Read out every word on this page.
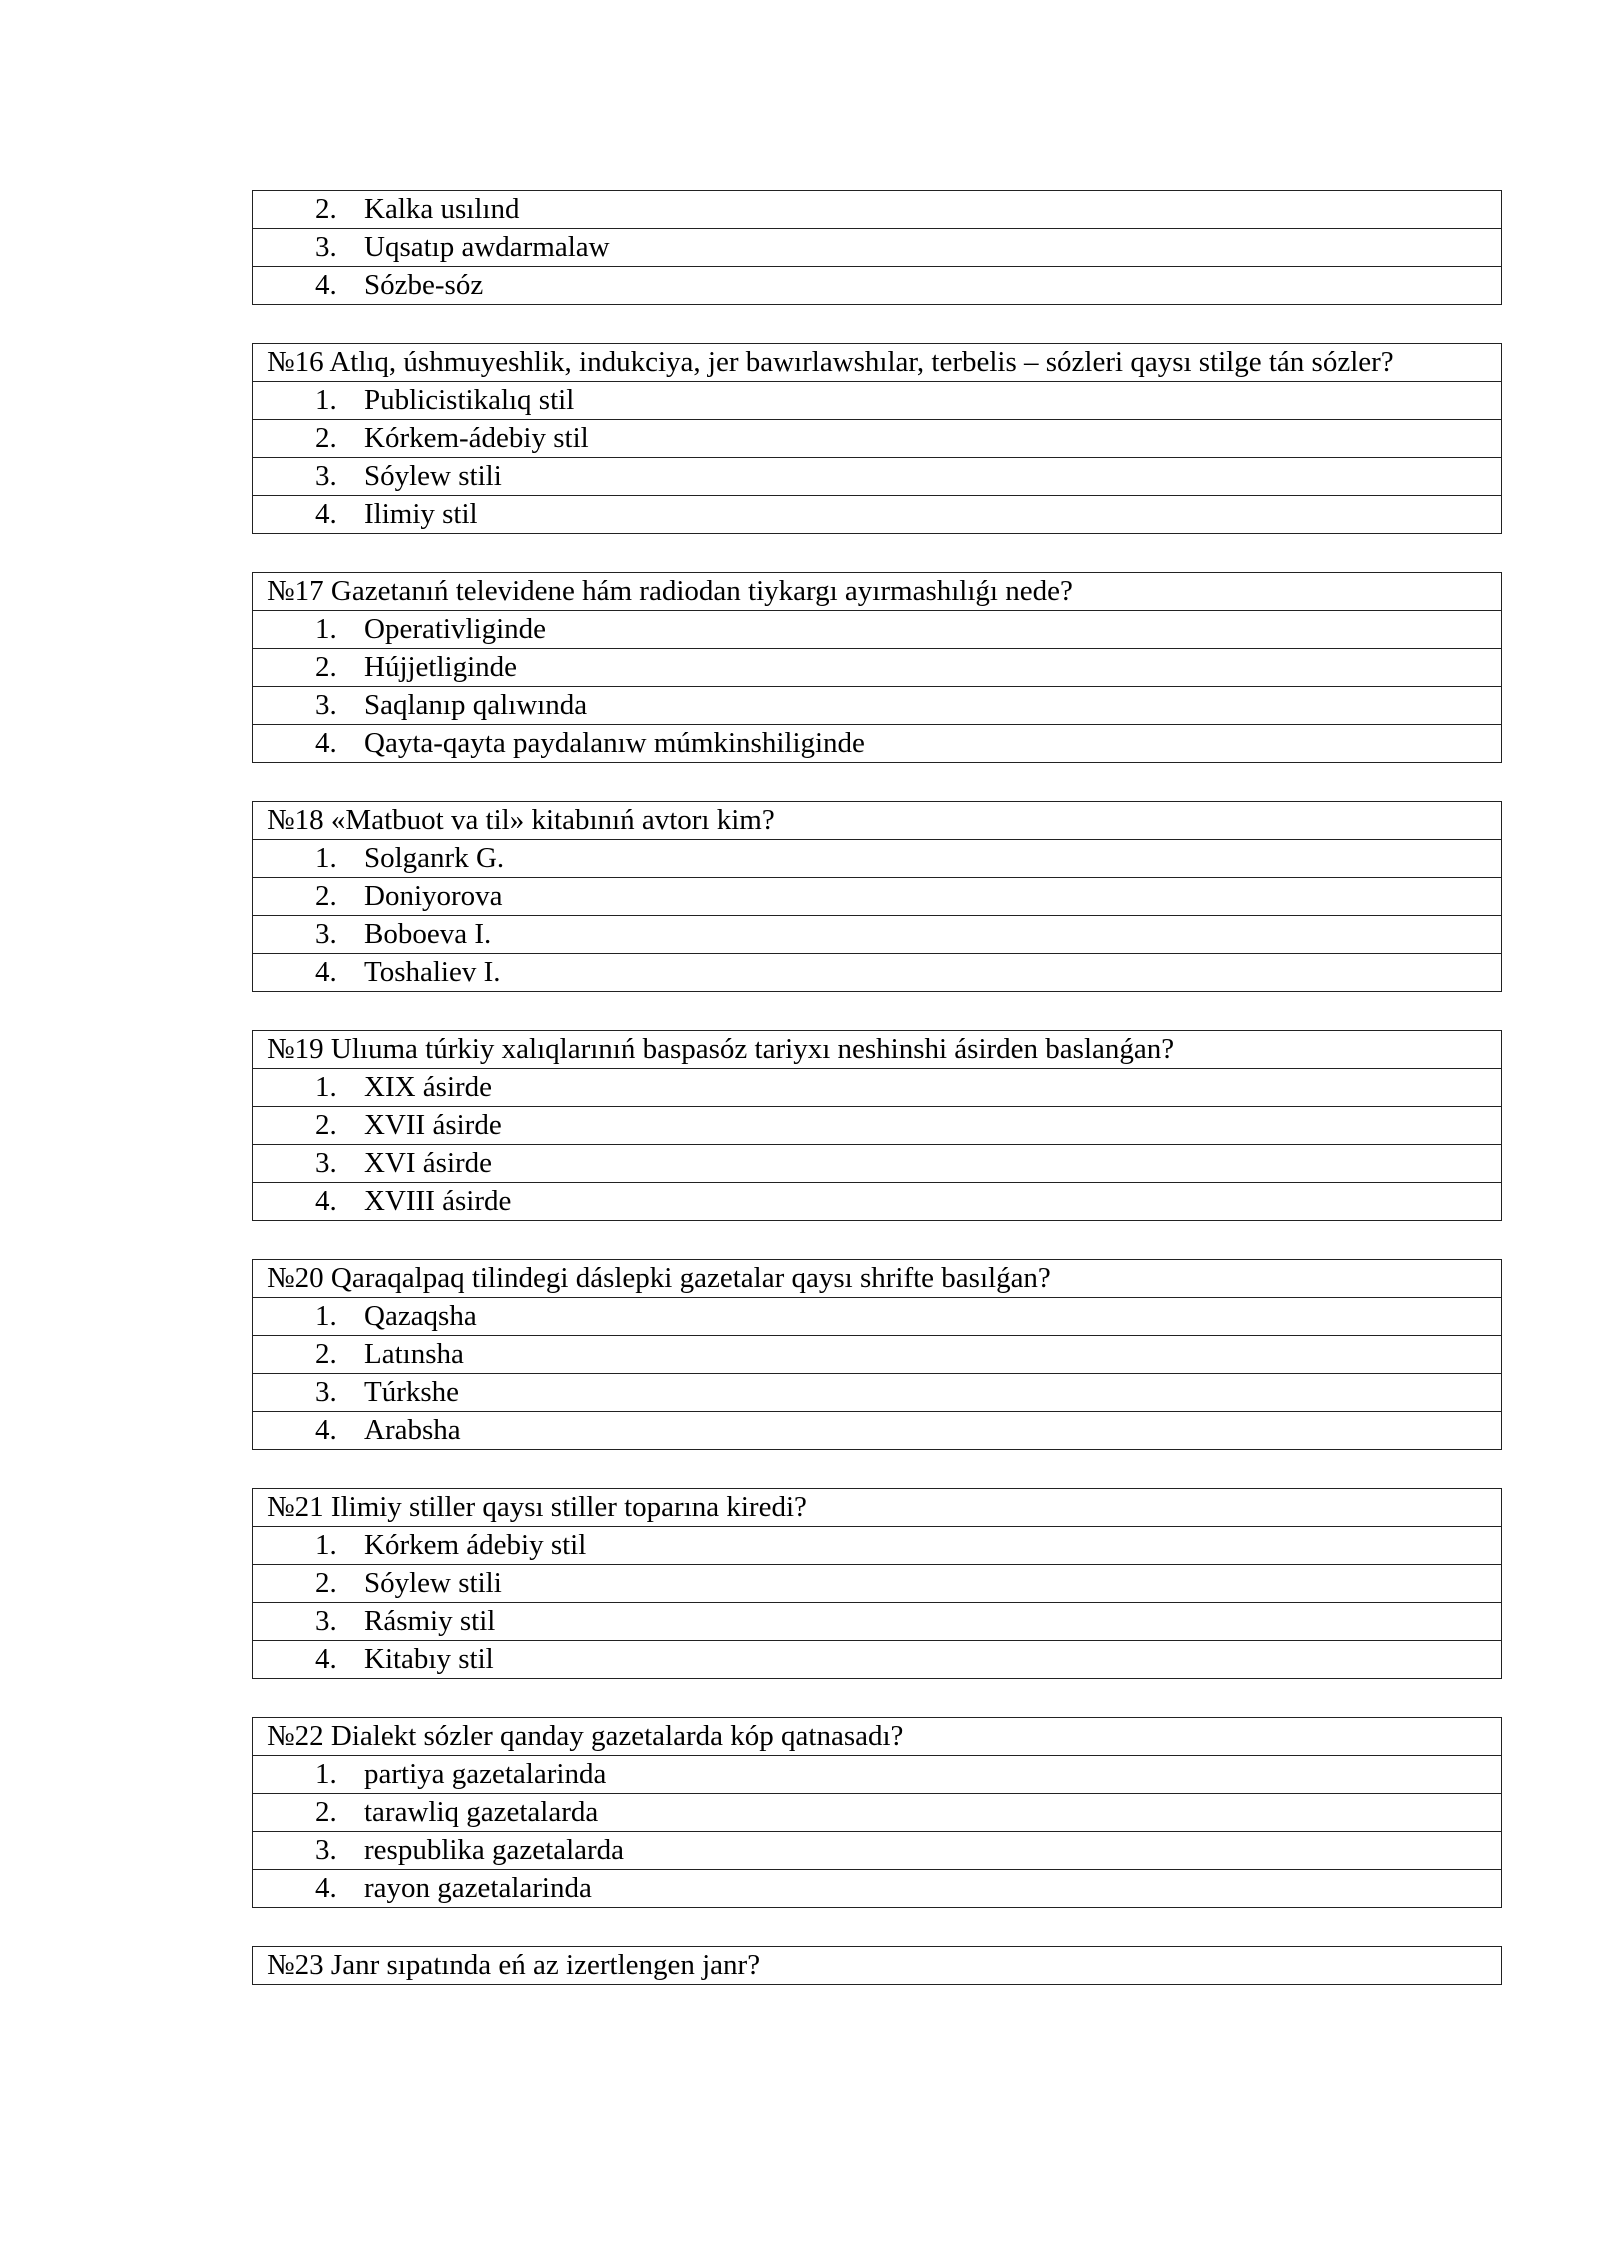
2. Kalka usılınd
3. Uqsatıp awdarmalaw
4. Sózbe-sóz
№16 Atlıq, úshmuyeshlik, indukciya, jer bawırlawshılar, terbelis – sózleri qaysı stilge tán sózler?
1. Publicistikalıq stil
2. Kórkem-ádebiy stil
3. Sóylew stili
4. Ilimiy stil
№17 Gazetanıń televidene hám radiodan tiykargı ayırmashılıǵı nede?
1. Operativliginde
2. Hújjetliginde
3. Saqlanıp qalıwında
4. Qayta-qayta paydalanıw múmkinshiliginde
№18 «Matbuot va til» kitabınıń avtorı kim?
1. Solganrk G.
2. Doniyorova
3. Boboeva I.
4. Toshaliev I.
№19 Ulıuma túrkiy xalıqlarınıń baspasóz tariyxı neshinshi ásirden baslanǵan?
1. XIX ásirde
2. XVII ásirde
3. XVI ásirde
4. XVIII ásirde
№20 Qaraqalpaq tilindegi dáslepki gazetalar qaysı shrifte basılǵan?
1. Qazaqsha
2. Latınsha
3. Túrkshe
4. Arabsha
№21 Ilimiy stiller qaysı stiller toparına kiredi?
1. Kórkem ádebiy stil
2. Sóylew stili
3. Rásmiy stil
4. Kitabıy stil
№22 Dialekt sózler qanday gazetalarda kóp qatnasadı?
1. partiya gazetalarinda
2. tarawliq gazetalarda
3. respublika gazetalarda
4. rayon gazetalarinda
№23 Janr sıpatında eń az izertlengen janr?
